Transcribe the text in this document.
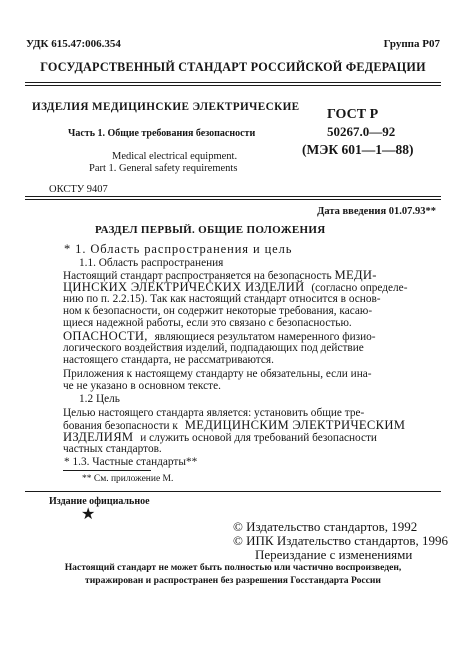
УДК 615.47:006.354	Группа Р07
ГОСУДАРСТВЕННЫЙ СТАНДАРТ РОССИЙСКОЙ ФЕДЕРАЦИИ
ИЗДЕЛИЯ МЕДИЦИНСКИЕ ЭЛЕКТРИЧЕСКИЕ
Часть 1. Общие требования безопасности
Medical electrical equipment.
Part 1. General safety requirements
ГОСТ Р
50267.0—92
(МЭК 601—1—88)
ОКСТУ 9407
Дата введения 01.07.93**
РАЗДЕЛ ПЕРВЫЙ. ОБЩИЕ ПОЛОЖЕНИЯ
* 1. Область распространения и цель
1.1. Область распространения
Настоящий стандарт распространяется на безопасность МЕДИ-
ЦИНСКИХ ЭЛЕКТРИЧЕСКИХ ИЗДЕЛИЙ (согласно определе-
нию по п. 2.2.15). Так как настоящий стандарт относится в основ-
ном к безопасности, он содержит некоторые требования, касаю-
щиеся надежной работы, если это связано с безопасностью.
ОПАСНОСТИ, являющиеся результатом намеренного физио-
логического воздействия изделий, подпадающих под действие
настоящего стандарта, не рассматриваются.
Приложения к настоящему стандарту не обязательны, если ина-
че не указано в основном тексте.
1.2 Цель
Целью настоящего стандарта является: установить общие тре-
бования безопасности к МЕДИЦИНСКИМ ЭЛЕКТРИЧЕСКИМ
ИЗДЕЛИЯМ и служить основой для требований безопасности
частных стандартов.
* 1.3. Частные стандарты**
** См. приложение М.
Издание официальное
★
© Издательство стандартов, 1992
© ИПК Издательство стандартов, 1996
Переиздание с изменениями
Настоящий стандарт не может быть полностью или частично воспроизведен,
тиражирован и распространен без разрешения Госстандарта России
